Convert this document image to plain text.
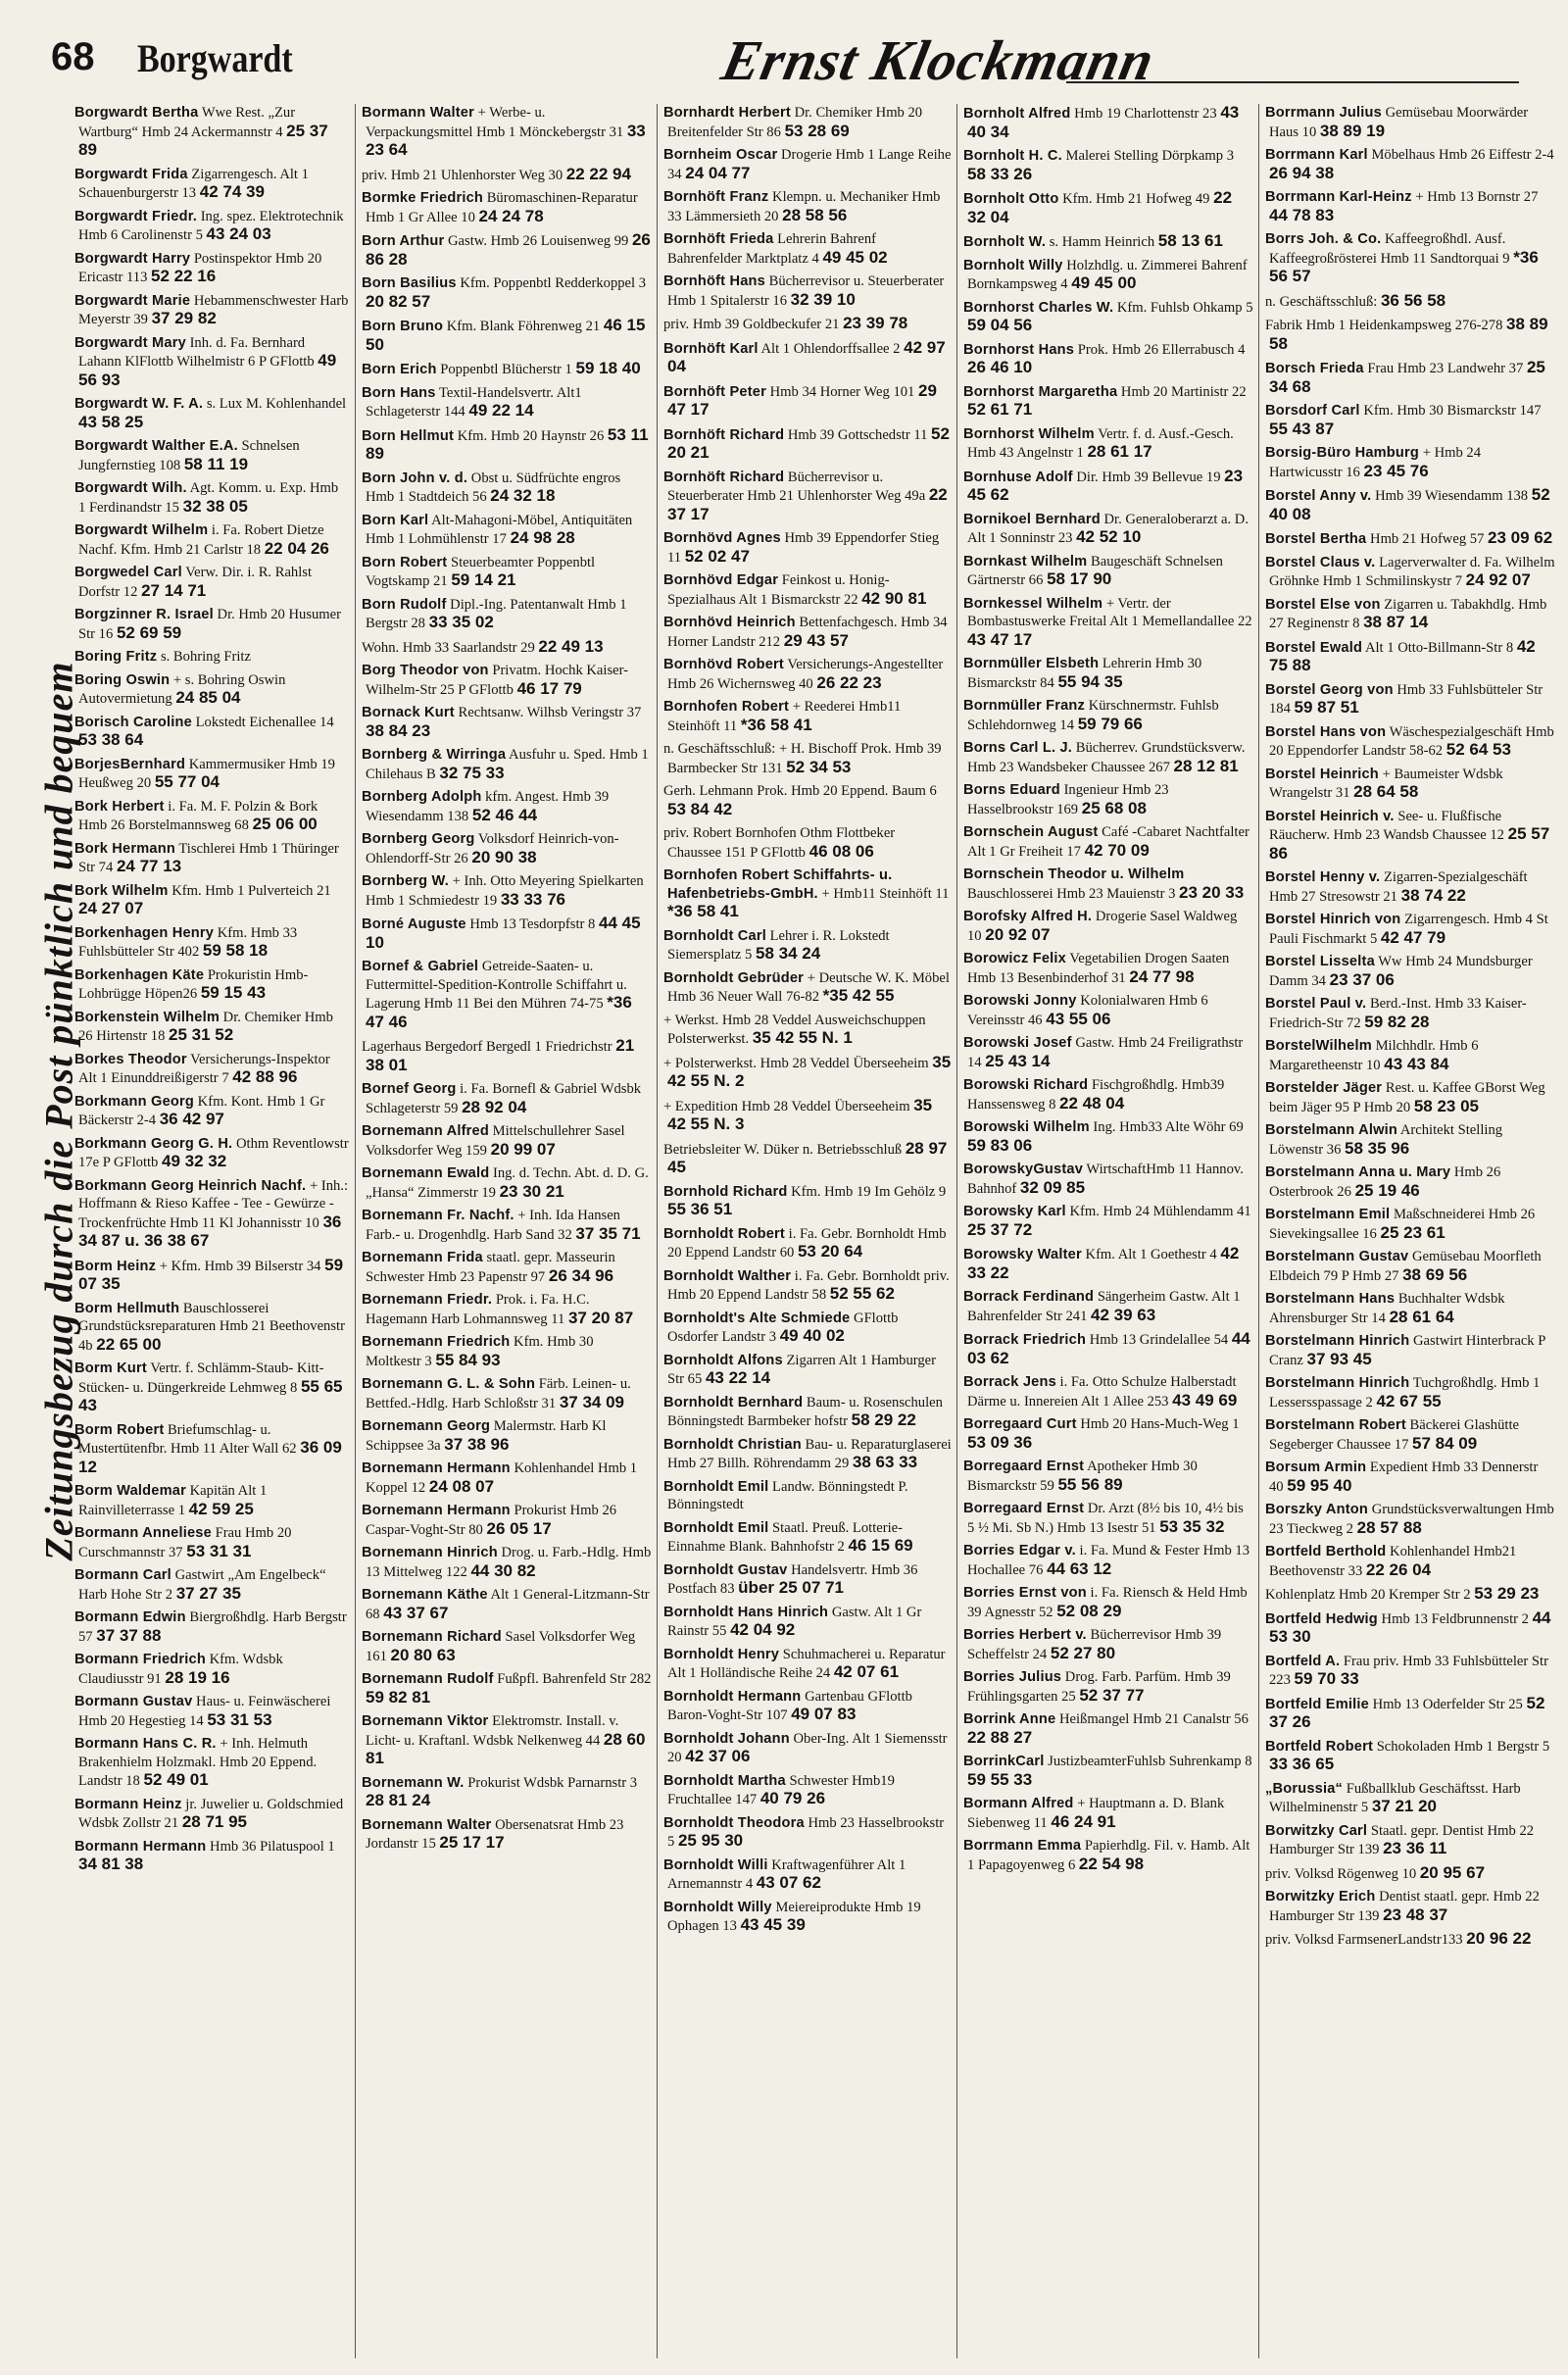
68 Borgwardt	Ernst Klockmann
Zeitungsbezug durch die Post pünktlich und bequem
Borgwardt Bertha Wwe Rest. „Zur Wartburg“ Hmb 24 Ackermannstr 4 25 37 89
Borgwardt Frida Zigarrengesch. Alt 1 Schauenburgerstr 13 42 74 39
Borgwardt Friedr. Ing. spez. Elektrotechnik Hmb 6 Carolinenstr 5 43 24 03
Borgwardt Harry Postinspektor Hmb 20 Ericastr 113 52 22 16
Borgwardt Marie Hebammenschwester Harb Meyerstr 39 37 29 82
Borgwardt Mary Inh. d. Fa. Bernhard Lahann KlFlottb Wilhelmistr 6 P GFlottb 49 56 93
Borgwardt W. F. A. s. Lux M. Kohlenhandel 43 58 25
Borgwardt Walther E.A. Schnelsen Jungfernstieg 108 58 11 19
Borgwardt Wilh. Agt. Komm. u. Exp. Hmb 1 Ferdinandstr 15 32 38 05
Borgwardt Wilhelm i. Fa. Robert Dietze Nachf. Kfm. Hmb 21 Carlstr 18 22 04 26
Borgwedel Carl Verw. Dir. i. R. Rahlst Dorfstr 12 27 14 71
Borgzinner R. Israel Dr. Hmb 20 Husumer Str 16 52 69 59
Boring Fritz s. Bohring Fritz
Boring Oswin + s. Bohring Oswin Autovermietung 24 85 04
Borisch Caroline Lokstedt Eichenallee 14 53 38 64
BorjesBernhard Kammermusiker Hmb 19 Heußweg 20 55 77 04
Bork Herbert i. Fa. M. F. Polzin & Bork Hmb 26 Borstelmannsweg 68 25 06 00
Bork Hermann Tischlerei Hmb 1 Thüringer Str 74 24 77 13
Bork Wilhelm Kfm. Hmb 1 Pulverteich 21 24 27 07
Borkenhagen Henry Kfm. Hmb 33 Fuhlsbütteler Str 402 59 58 18
Borkenhagen Käte Prokuristin Hmb-Lohbrügge Höpen26 59 15 43
Borkenstein Wilhelm Dr. Chemiker Hmb 26 Hirtenstr 18 25 31 52
Borkes Theodor Versicherungs-Inspektor Alt 1 Einunddreißigerstr 7 42 88 96
Borkmann Georg Kfm. Kont. Hmb 1 Gr Bäckerstr 2-4 36 42 97
Borkmann Georg G. H. Othm Reventlowstr 17e P GFlottb 49 32 32
Borkmann Georg Heinrich Nachf. + Inh.: Hoffmann & Rieso Kaffee - Tee - Gewürze - Trockenfrüchte Hmb 11 Kl Johannisstr 10 36 34 87 u. 36 38 67
Borm Heinz + Kfm. Hmb 39 Bilserstr 34 59 07 35
Borm Hellmuth Bauschlosserei Grundstücksreparaturen Hmb 21 Beethovenstr 4b 22 65 00
Borm Kurt Vertr. f. Schlämm-Staub- Kitt- Stücken- u. Düngerkreide Lehmweg 8 55 65 43
Borm Robert Briefumschlag- u. Mustertütenfbr. Hmb 11 Alter Wall 62 36 09 12
Borm Waldemar Kapitän Alt 1 Rainvilleterrasse 1 42 59 25
Bormann Anneliese Frau Hmb 20 Curschmannstr 37 53 31 31
Bormann Carl Gastwirt „Am Engelbeck“ Harb Hohe Str 2 37 27 35
Bormann Edwin Biergroßhdlg. Harb Bergstr 57 37 37 88
Bormann Friedrich Kfm. Wdsbk Claudiusstr 91 28 19 16
Bormann Gustav Haus- u. Feinwäscherei Hmb 20 Hegestieg 14 53 31 53
Bormann Hans C. R. + Inh. Helmuth Brakenhielm Holzmakl. Hmb 20 Eppend. Landstr 18 52 49 01
Bormann Heinz jr. Juwelier u. Goldschmied Wdsbk Zollstr 21 28 71 95
Bormann Hermann Hmb 36 Pilatuspool 1 34 81 38
Bormann Walter + Werbe- u. Verpackungsmittel Hmb 1 Mönckebergstr 31 33 23 64
priv. Hmb 21 Uhlenhorster Weg 30 22 22 94
Bormke Friedrich Büromaschinen-Reparatur Hmb 1 Gr Allee 10 24 24 78
Born Arthur Gastw. Hmb 26 Louisenweg 99 26 86 28
Born Basilius Kfm. Poppenbtl Redderkoppel 3 20 82 57
Born Bruno Kfm. Blank Föhrenweg 21 46 15 50
Born Erich Poppenbtl Blücherstr 1 59 18 40
Born Hans Textil-Handelsvertr. Alt1 Schlageterstr 144 49 22 14
Born Hellmut Kfm. Hmb 20 Haynstr 26 53 11 89
Born John v. d. Obst u. Südfrüchte engros Hmb 1 Stadtdeich 56 24 32 18
Born Karl Alt-Mahagoni-Möbel, Antiquitäten Hmb 1 Lohmühlenstr 17 24 98 28
Born Robert Steuerbeamter Poppenbtl Vogtskamp 21 59 14 21
Born Rudolf Dipl.-Ing. Patentanwalt Hmb 1 Bergstr 28 33 35 02
Wohn. Hmb 33 Saarlandstr 29 22 49 13
Borg Theodor von Privatm. Hochk Kaiser-Wilhelm-Str 25 P GFlottb 46 17 79
Bornack Kurt Rechtsanw. Wilhsb Veringstr 37 38 84 23
Bornberg & Wirringa Ausfuhr u. Sped. Hmb 1 Chilehaus B 32 75 33
Bornberg Adolph kfm. Angest. Hmb 39 Wiesendamm 138 52 46 44
Bornberg Georg Volksdorf Heinrich-von-Ohlendorff-Str 26 20 90 38
Bornberg W. + Inh. Otto Meyering Spielkarten Hmb 1 Schmiedestr 19 33 33 76
Borné Auguste Hmb 13 Tesdorpfstr 8 44 45 10
Bornef & Gabriel Getreide-Saaten- u. Futtermittel-Spedition-Kontrolle Schiffahrt u. Lagerung Hmb 11 Bei den Mühren 74-75 *36 47 46
Lagerhaus Bergedorf Bergedl 1 Friedrichstr 21 38 01
Bornef Georg i. Fa. Bornefl & Gabriel Wdsbk Schlageterstr 59 28 92 04
Bornemann Alfred Mittelschullehrer Sasel Volksdorfer Weg 159 20 99 07
Bornemann Ewald Ing. d. Techn. Abt. d. D. G. „Hansa“ Zimmerstr 19 23 30 21
Bornemann Fr. Nachf. + Inh. Ida Hansen Farb.- u. Drogenhdlg. Harb Sand 32 37 35 71
Bornemann Frida staatl. gepr. Masseurin Schwester Hmb 23 Papenstr 97 26 34 96
Bornemann Friedr. Prok. i. Fa. H.C. Hagemann Harb Lohmannsweg 11 37 20 87
Bornemann Friedrich Kfm. Hmb 30 Moltkestr 3 55 84 93
Bornemann G. L. & Sohn Färb. Leinen- u. Bettfed.-Hdlg. Harb Schloßstr 31 37 34 09
Bornemann Georg Malermstr. Harb Kl Schippsee 3a 37 38 96
Bornemann Hermann Kohlenhandel Hmb 1 Koppel 12 24 08 07
Bornemann Hermann Prokurist Hmb 26 Caspar-Voght-Str 80 26 05 17
Bornemann Hinrich Drog. u. Farb.-Hdlg. Hmb 13 Mittelweg 122 44 30 82
Bornemann Käthe Alt 1 General-Litzmann-Str 68 43 37 67
Bornemann Richard Sasel Volksdorfer Weg 161 20 80 63
Bornemann Rudolf Fußpfl. Bahrenfeld Str 282 59 82 81
Bornemann Viktor Elektromstr. Install. v. Licht- u. Kraftanl. Wdsbk Nelkenweg 44 28 60 81
Bornemann W. Prokurist Wdsbk Parnarnstr 3 28 81 24
Bornemann Walter Obersenatsrat Hmb 23 Jordanstr 15 25 17 17
Bornhardt Herbert Dr. Chemiker Hmb 20 Breitenfelder Str 86 53 28 69
Bornheim Oscar Drogerie Hmb 1 Lange Reihe 34 24 04 77
Bornhöft Franz Klempn. u. Mechaniker Hmb 33 Lämmersieth 20 28 58 56
Bornhöft Frieda Lehrerin Bahrenf Bahrenfelder Marktplatz 4 49 45 02
Bornhöft Hans Bücherrevisor u. Steuerberater Hmb 1 Spitalerstr 16 32 39 10
priv. Hmb 39 Goldbeckufer 21 23 39 78
Bornhöft Karl Alt 1 Ohlendorffsallee 2 42 97 04
Bornhöft Peter Hmb 34 Horner Weg 101 29 47 17
Bornhöft Richard Hmb 39 Gottschedstr 11 52 20 21
Bornhöft Richard Bücherrevisor u. Steuerberater Hmb 21 Uhlenhorster Weg 49a 22 37 17
Bornhövd Agnes Hmb 39 Eppendorfer Stieg 11 52 02 47
Bornhövd Edgar Feinkost u. Honig-Spezialhaus Alt 1 Bismarckstr 22 42 90 81
Bornhövd Heinrich Bettenfachgesch. Hmb 34 Horner Landstr 212 29 43 57
Bornhövd Robert Versicherungs-Angestellter Hmb 26 Wichernsweg 40 26 22 23
Bornhofen Robert + Reederei Hmb11 Steinhöft 11 *36 58 41
n. Geschäftsschluß: + H. Bischoff Prok. Hmb 39 Barmbecker Str 131 52 34 53
Gerh. Lehmann Prok. Hmb 20 Eppend. Baum 6 53 84 42
priv. Robert Bornhofen Othm Flottbeker Chaussee 151 P GFlottb 46 08 06
Bornhofen Robert Schiffahrts- u. Hafenbetriebs-GmbH. + Hmb11 Steinhöft 11 *36 58 41
Bornholdt Carl Lehrer i. R. Lokstedt Siemersplatz 5 58 34 24
Bornholdt Gebrüder + Deutsche W. K. Möbel Hmb 36 Neuer Wall 76-82 *35 42 55
+ Werkst. Hmb 28 Veddel Ausweichschuppen Polsterwerkst. 35 42 55 N. 1
+ Polsterwerkst. Hmb 28 Veddel Überseeheim 35 42 55 N. 2
+ Expedition Hmb 28 Veddel Überseeheim 35 42 55 N. 3
Betriebsleiter W. Düker n. Betriebsschluß 28 97 45
Bornhold Richard Kfm. Hmb 19 Im Gehölz 9 55 36 51
Bornholdt Robert i. Fa. Gebr. Bornholdt Hmb 20 Eppend Landstr 60 53 20 64
Bornholdt Walther i. Fa. Gebr. Bornholdt priv. Hmb 20 Eppend Landstr 58 52 55 62
Bornholdt's Alte Schmiede GFlottb Osdorfer Landstr 3 49 40 02
Bornholdt Alfons Zigarren Alt 1 Hamburger Str 65 43 22 14
Bornholdt Bernhard Baum- u. Rosenschulen Bönningstedt Barmbeker hofstr 58 29 22
Bornholdt Christian Bau- u. Reparaturglaserei Hmb 27 Billh. Röhrendamm 29 38 63 33
Bornholdt Emil Landw. Bönningstedt P. Bönningstedt
Bornholdt Emil Staatl. Preuß. Lotterie-Einnahme Blank. Bahnhofstr 2 46 15 69
Bornholdt Gustav Handelsvertr. Hmb 36 Postfach 83 über 25 07 71
Bornholdt Hans Hinrich Gastw. Alt 1 Gr Rainstr 55 42 04 92
Bornholdt Henry Schuhmacherei u. Reparatur Alt 1 Holländische Reihe 24 42 07 61
Bornholdt Hermann Gartenbau GFlottb Baron-Voght-Str 107 49 07 83
Bornholdt Johann Ober-Ing. Alt 1 Siemensstr 20 42 37 06
Bornholdt Martha Schwester Hmb19 Fruchtallee 147 40 79 26
Bornholdt Theodora Hmb 23 Hasselbrookstr 5 25 95 30
Bornholdt Willi Kraftwagenführer Alt 1 Arnemannstr 4 43 07 62
Bornholdt Willy Meiereiprodukte Hmb 19 Ophagen 13 43 45 39
Bornholt Alfred Hmb 19 Charlottenstr 23 43 40 34
Bornholt H. C. Malerei Stelling Dörpkamp 3 58 33 26
Bornholt Otto Kfm. Hmb 21 Hofweg 49 22 32 04
Bornholt W. s. Hamm Heinrich 58 13 61
Bornholt Willy Holzhdlg. u. Zimmerei Bahrenf Bornkampsweg 4 49 45 00
Bornhorst Charles W. Kfm. Fuhlsb Ohkamp 5 59 04 56
Bornhorst Hans Prok. Hmb 26 Ellerrabusch 4 26 46 10
Bornhorst Margaretha Hmb 20 Martinistr 22 52 61 71
Bornhorst Wilhelm Vertr. f. d. Ausf.-Gesch. Hmb 43 Angelnstr 1 28 61 17
Bornhuse Adolf Dir. Hmb 39 Bellevue 19 23 45 62
Bornikoel Bernhard Dr. Generaloberarzt a. D. Alt 1 Sonninstr 23 42 52 10
Bornkast Wilhelm Baugeschäft Schnelsen Gärtnerstr 66 58 17 90
Bornkessel Wilhelm + Vertr. der Bombastuswerke Freital Alt 1 Memellandallee 22 43 47 17
Bornmüller Elsbeth Lehrerin Hmb 30 Bismarckstr 84 55 94 35
Bornmüller Franz Kürschnermstr. Fuhlsb Schlehdornweg 14 59 79 66
Borns Carl L. J. Bücherrev. Grundstücksverw. Hmb 23 Wandsbeker Chaussee 267 28 12 81
Borns Eduard Ingenieur Hmb 23 Hasselbrookstr 169 25 68 08
Bornschein August Café -Cabaret Nachtfalter Alt 1 Gr Freiheit 17 42 70 09
Bornschein Theodor u. Wilhelm Bauschlosserei Hmb 23 Mauienstr 3 23 20 33
Borofsky Alfred H. Drogerie Sasel Waldweg 10 20 92 07
Borowicz Felix Vegetabilien Drogen Saaten Hmb 13 Besenbinderhof 31 24 77 98
Borowski Jonny Kolonialwaren Hmb 6 Vereinsstr 46 43 55 06
Borowski Josef Gastw. Hmb 24 Freiligrathstr 14 25 43 14
Borowski Richard Fischgroßhdlg. Hmb39 Hanssensweg 8 22 48 04
Borowski Wilhelm Ing. Hmb33 Alte Wöhr 69 59 83 06
BorowskyGustav WirtschaftHmb 11 Hannov. Bahnhof 32 09 85
Borowsky Karl Kfm. Hmb 24 Mühlendamm 41 25 37 72
Borowsky Walter Kfm. Alt 1 Goethestr 4 42 33 22
Borrack Ferdinand Sängerheim Gastw. Alt 1 Bahrenfelder Str 241 42 39 63
Borrack Friedrich Hmb 13 Grindelallee 54 44 03 62
Borrack Jens i. Fa. Otto Schulze Halberstadt Därme u. Innereien Alt 1 Allee 253 43 49 69
Borregaard Curt Hmb 20 Hans-Much-Weg 1 53 09 36
Borregaard Ernst Apotheker Hmb 30 Bismarckstr 59 55 56 89
Borregaard Ernst Dr. Arzt (8½ bis 10, 4½ bis 5 ½ Mi. Sb N.) Hmb 13 Isestr 51 53 35 32
Borries Edgar v. i. Fa. Mund & Fester Hmb 13 Hochallee 76 44 63 12
Borries Ernst von i. Fa. Riensch & Held Hmb 39 Agnesstr 52 52 08 29
Borries Herbert v. Bücherrevisor Hmb 39 Scheffelstr 24 52 27 80
Borries Julius Drog. Farb. Parfüm. Hmb 39 Frühlingsgarten 25 52 37 77
Borrink Anne Heißmangel Hmb 21 Canalstr 56 22 88 27
BorrinkCarl JustizbeamterFuhlsb Suhrenkamp 8 59 55 33
Bormann Alfred + Hauptmann a. D. Blank Siebenweg 11 46 24 91
Borrmann Emma Papierhdlg. Fil. v. Hamb. Alt 1 Papagoyenweg 6 22 54 98
Borrmann Julius Gemüsebau Moorwärder Haus 10 38 89 19
Borrmann Karl Möbelhaus Hmb 26 Eiffestr 2-4 26 94 38
Borrmann Karl-Heinz + Hmb 13 Bornstr 27 44 78 83
Borrs Joh. & Co. Kaffeegroßhdl. Ausf. Kaffeegroßrösterei Hmb 11 Sandtorquai 9 *36 56 57
n. Geschäftsschluß: 36 56 58
Fabrik Hmb 1 Heidenkampsweg 276-278 38 89 58
Borsch Frieda Frau Hmb 23 Landwehr 37 25 34 68
Borsdorf Carl Kfm. Hmb 30 Bismarckstr 147 55 43 87
Borsig-Büro Hamburg + Hmb 24 Hartwicusstr 16 23 45 76
Borstel Anny v. Hmb 39 Wiesendamm 138 52 40 08
Borstel Bertha Hmb 21 Hofweg 57 23 09 62
Borstel Claus v. Lagerverwalter d. Fa. Wilhelm Gröhnke Hmb 1 Schmilinskystr 7 24 92 07
Borstel Else von Zigarren u. Tabakhdlg. Hmb 27 Reginenstr 8 38 87 14
Borstel Ewald Alt 1 Otto-Billmann-Str 8 42 75 88
Borstel Georg von Hmb 33 Fuhlsbütteler Str 184 59 87 51
Borstel Hans von Wäschespezialgeschäft Hmb 20 Eppendorfer Landstr 58-62 52 64 53
Borstel Heinrich + Baumeister Wdsbk Wrangelstr 31 28 64 58
Borstel Heinrich v. See- u. Flußfische Räucherw. Hmb 23 Wandsb Chaussee 12 25 57 86
Borstel Henny v. Zigarren-Spezialgeschäft Hmb 27 Stresowstr 21 38 74 22
Borstel Hinrich von Zigarrengesch. Hmb 4 St Pauli Fischmarkt 5 42 47 79
Borstel Lisselta Ww Hmb 24 Mundsburger Damm 34 23 37 06
Borstel Paul v. Berd.-Inst. Hmb 33 Kaiser-Friedrich-Str 72 59 82 28
BorstelWilhelm Milchhdlr. Hmb 6 Margaretheenstr 10 43 43 84
Borstelder Jäger Rest. u. Kaffee GBorst Weg beim Jäger 95 P Hmb 20 58 23 05
Borstelmann Alwin Architekt Stelling Löwenstr 36 58 35 96
Borstelmann Anna u. Mary Hmb 26 Osterbrook 26 25 19 46
Borstelmann Emil Maßschneiderei Hmb 26 Sievekingsallee 16 25 23 61
Borstelmann Gustav Gemüsebau Moorfleth Elbdeich 79 P Hmb 27 38 69 56
Borstelmann Hans Buchhalter Wdsbk Ahrensburger Str 14 28 61 64
Borstelmann Hinrich Gastwirt Hinterbrack P Cranz 37 93 45
Borstelmann Hinrich Tuchgroßhdlg. Hmb 1 Lessersspassage 2 42 67 55
Borstelmann Robert Bäckerei Glashütte Segeberger Chaussee 17 57 84 09
Borsum Armin Expedient Hmb 33 Dennerstr 40 59 95 40
Borszky Anton Grundstücksverwaltungen Hmb 23 Tieckweg 2 28 57 88
Bortfeld Berthold Kohlenhandel Hmb21 Beethovenstr 33 22 26 04
Kohlenplatz Hmb 20 Kremper Str 2 53 29 23
Bortfeld Hedwig Hmb 13 Feldbrunnenstr 2 44 53 30
Bortfeld A. Frau priv. Hmb 33 Fuhlsbütteler Str 223 59 70 33
Bortfeld Emilie Hmb 13 Oderfelder Str 25 52 37 26
Bortfeld Robert Schokoladen Hmb 1 Bergstr 5 33 36 65
„Borussia“ Fußballklub Geschäftsst. Harb Wilhelminenstr 5 37 21 20
Borwitzky Carl Staatl. gepr. Dentist Hmb 22 Hamburger Str 139 23 36 11
priv. Volksd Rögenweg 10 20 95 67
Borwitzky Erich Dentist staatl. gepr. Hmb 22 Hamburger Str 139 23 48 37
priv. Volksd FarmsenerLandstr133 20 96 22
